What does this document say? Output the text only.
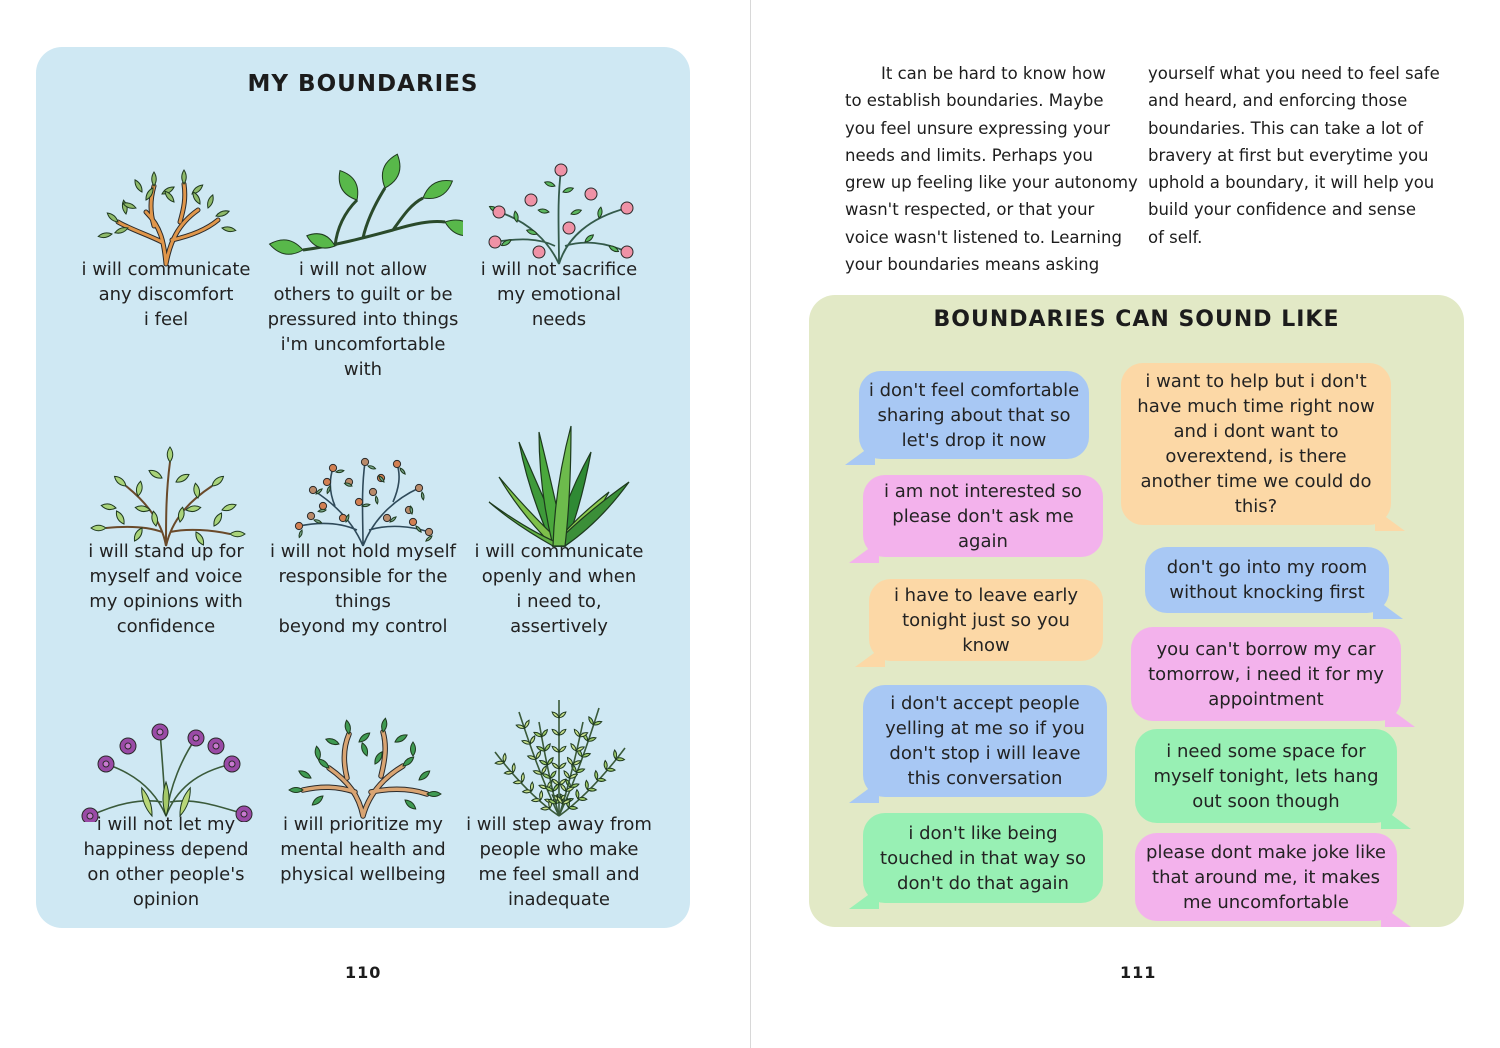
MY BOUNDARIES
i will communicate
any discomfort
i feel
i will not allow
others to guilt or be
pressured into things
i'm uncomfortable
with
i will not sacrifice
my emotional
needs
i will stand up for
myself and voice
my opinions with
confidence
i will not hold myself
responsible for the
things
beyond my control
i will communicate
openly and when
i need to,
assertively
i will not let my
happiness depend
on other people's
opinion
i will prioritize my
mental health and
physical wellbeing
i will step away from
people who make
me feel small and
inadequate
110
It can be hard to know how
to establish boundaries. Maybe
you feel unsure expressing your
needs and limits. Perhaps you
grew up feeling like your autonomy
wasn't respected, or that your
voice wasn't listened to. Learning
your boundaries means asking
yourself what you need to feel safe
and heard, and enforcing those
boundaries. This can take a lot of
bravery at first but everytime you
uphold a boundary, it will help you
build your confidence and sense
of self.
BOUNDARIES CAN SOUND LIKE
i don't feel comfortable
sharing about that so
let's drop it now
i am not interested so
please don't ask me
again
i have to leave early
tonight just so you
know
i don't accept people
yelling at me so if you
don't stop i will leave
this conversation
i don't like being
touched in that way so
don't do that again
i want to help but i don't
have much time right now
and i dont want to
overextend, is there
another time we could do
this?
don't go into my room
without knocking first
you can't borrow my car
tomorrow, i need it for my
appointment
i need some space for
myself tonight, lets hang
out soon though
please dont make joke like
that around me, it makes
me uncomfortable
111
